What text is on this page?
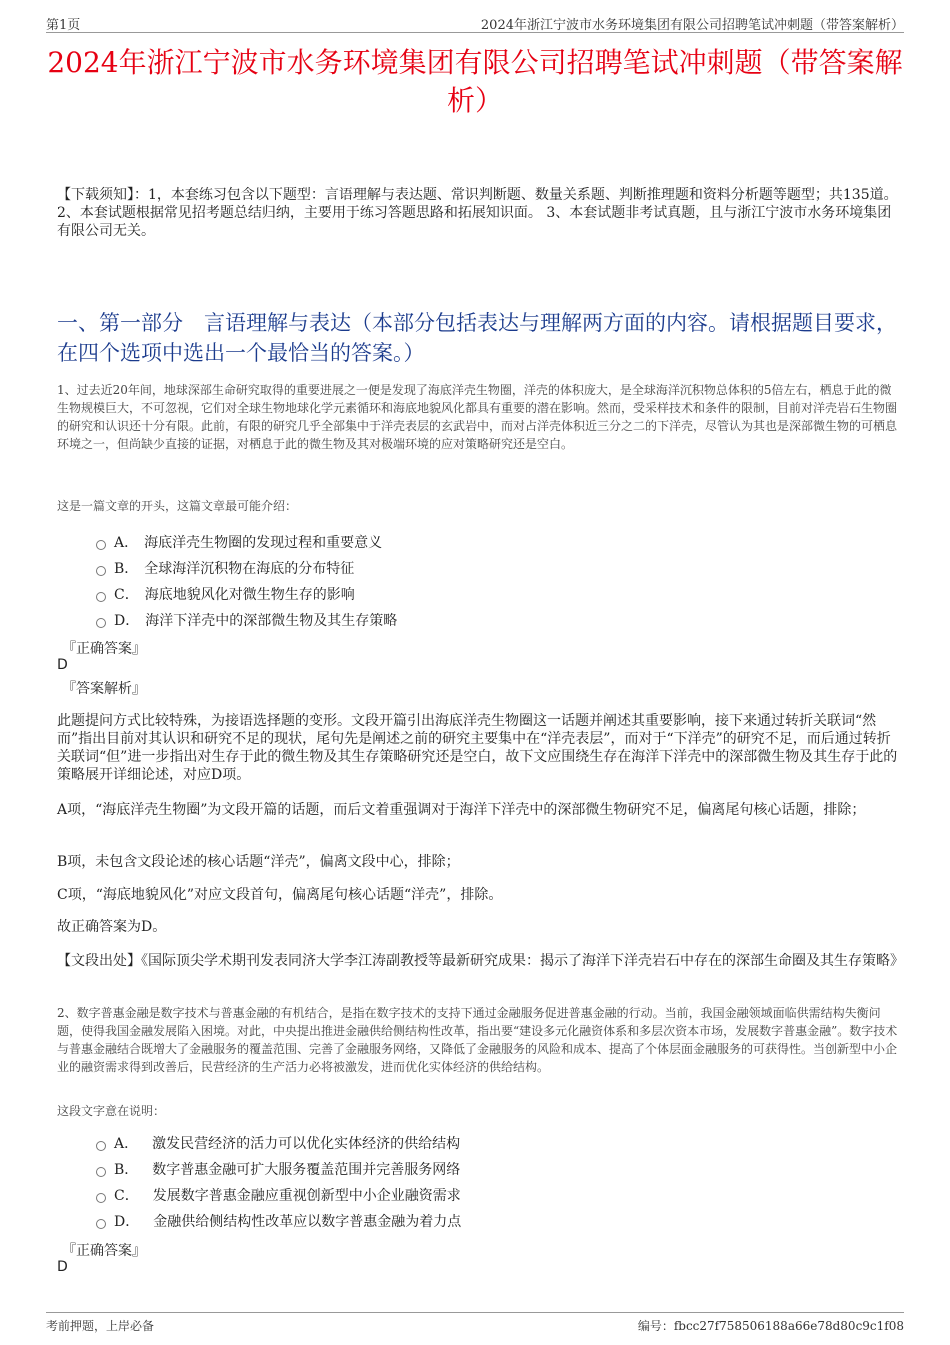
第1页	2024年浙江宁波市水务环境集团有限公司招聘笔试冲刺题（带答案解析）
2024年浙江宁波市水务环境集团有限公司招聘笔试冲刺题（带答案解析）
【下载须知】：1，本套练习包含以下题型：言语理解与表达题、常识判断题、数量关系题、判断推理题和资料分析题等题型；共135道。 2、本套试题根据常见招考题总结归纳，主要用于练习答题思路和拓展知识面。 3、本套试题非考试真题，且与浙江宁波市水务环境集团有限公司无关。
一、第一部分　言语理解与表达（本部分包括表达与理解两方面的内容。请根据题目要求，在四个选项中选出一个最恰当的答案。）
1、过去近20年间，地球深部生命研究取得的重要进展之一便是发现了海底洋壳生物圈，洋壳的体积庞大，是全球海洋沉积物总体积的5倍左右，栖息于此的微生物规模巨大，不可忽视，它们对全球生物地球化学元素循环和海底地貌风化都具有重要的潜在影响。然而，受采样技术和条件的限制，目前对洋壳岩石生物圈的研究和认识还十分有限。此前，有限的研究几乎全部集中于洋壳表层的玄武岩中，而对占洋壳体积近三分之二的下洋壳，尽管认为其也是深部微生物的可栖息环境之一，但尚缺少直接的证据，对栖息于此的微生物及其对极端环境的应对策略研究还是空白。
这是一篇文章的开头，这篇文章最可能介绍：
A． 海底洋壳生物圈的发现过程和重要意义
B． 全球海洋沉积物在海底的分布特征
C． 海底地貌风化对微生物生存的影响
D． 海洋下洋壳中的深部微生物及其生存策略
『正确答案』
D
『答案解析』
此题提问方式比较特殊，为接语选择题的变形。文段开篇引出海底洋壳生物圈这一话题并阐述其重要影响，接下来通过转折关联词“然而”指出目前对其认识和研究不足的现状，尾句先是阐述之前的研究主要集中在“洋壳表层”，而对于“下洋壳”的研究不足，而后通过转折关联词“但”进一步指出对生存于此的微生物及其生存策略研究还是空白，故下文应围绕生存在海洋下洋壳中的深部微生物及其生存于此的策略展开详细论述，对应D项。
A项，“海底洋壳生物圈”为文段开篇的话题，而后文着重强调对于海洋下洋壳中的深部微生物研究不足，偏离尾句核心话题，排除；
B项，未包含文段论述的核心话题“洋壳”，偏离文段中心，排除；
C项，“海底地貌风化”对应文段首句，偏离尾句核心话题“洋壳”，排除。
故正确答案为D。
【文段出处】《国际顶尖学术期刊发表同济大学李江涛副教授等最新研究成果：揭示了海洋下洋壳岩石中存在的深部生命圈及其生存策略》
2、数字普惠金融是数字技术与普惠金融的有机结合，是指在数字技术的支持下通过金融服务促进普惠金融的行动。当前，我国金融领域面临供需结构失衡问题，使得我国金融发展陷入困境。对此，中央提出推进金融供给侧结构性改革，指出要“建设多元化融资体系和多层次资本市场，发展数字普惠金融”。数字技术与普惠金融结合既增大了金融服务的覆盖范围、完善了金融服务网络，又降低了金融服务的风险和成本、提高了个体层面金融服务的可获得性。当创新型中小企业的融资需求得到改善后，民营经济的生产活力必将被激发，进而优化实体经济的供给结构。
这段文字意在说明：
A． 激发民营经济的活力可以优化实体经济的供给结构
B． 数字普惠金融可扩大服务覆盖范围并完善服务网络
C． 发展数字普惠金融应重视创新型中小企业融资需求
D． 金融供给侧结构性改革应以数字普惠金融为着力点
『正确答案』
D
考前押题，上岸必备	编号：fbcc27f758506188a66e78d80c9c1f08
